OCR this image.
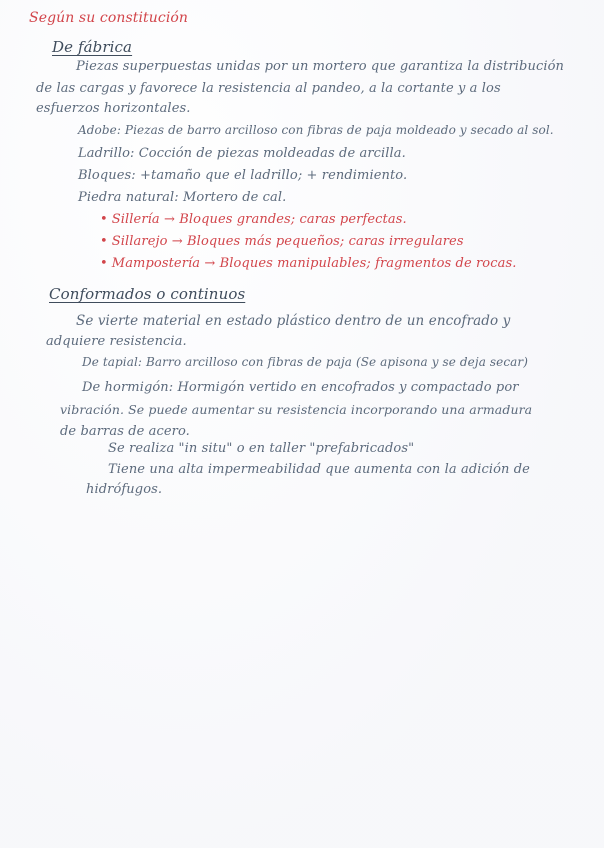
Según su constitución
De fábrica
Piezas superpuestas unidas por un mortero que garantiza la distribución
de las cargas y favorece la resistencia al pandeo, a la cortante y a los
esfuerzos horizontales.
Adobe: Piezas de barro arcilloso con fibras de paja moldeado y secado al sol.
Ladrillo: Cocción de piezas moldeadas de arcilla.
Bloques: +tamaño que el ladrillo; + rendimiento.
Piedra natural: Mortero de cal.
• Sillería → Bloques grandes; caras perfectas.
• Sillarejo → Bloques más pequeños; caras irregulares
• Mampostería → Bloques manipulables; fragmentos de rocas.
Conformados o continuos
Se vierte material en estado plástico dentro de un encofrado y
adquiere resistencia.
De tapial: Barro arcilloso con fibras de paja (Se apisona y se deja secar)
De hormigón: Hormigón vertido en encofrados y compactado por
vibración. Se puede aumentar su resistencia incorporando una armadura
de barras de acero.
Se realiza "in situ" o en taller "prefabricados"
Tiene una alta impermeabilidad que aumenta con la adición de
hidrófugos.
